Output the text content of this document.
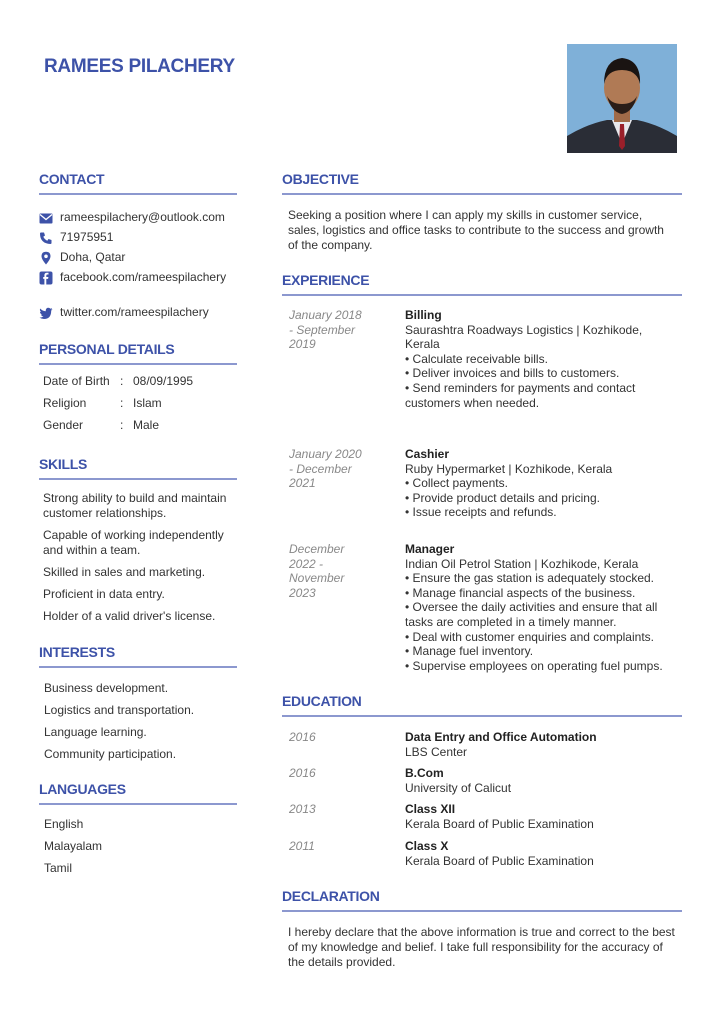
RAMEES PILACHERY
CONTACT
rameespilachery@outlook.com
71975951
Doha, Qatar
facebook.com/rameespilachery
twitter.com/rameespilachery
PERSONAL DETAILS
Date of Birth : 08/09/1995
Religion	: Islam
Gender	: Male
SKILLS
Strong ability to build and maintain customer relationships.
Capable of working independently and within a team.
Skilled in sales and marketing.
Proficient in data entry.
Holder of a valid driver's license.
INTERESTS
Business development.
Logistics and transportation.
Language learning.
Community participation.
LANGUAGES
English
Malayalam
Tamil
OBJECTIVE
Seeking a position where I can apply my skills in customer service, sales, logistics and office tasks to contribute to the success and growth of the company.
EXPERIENCE
January 2018 - September 2019
Billing
Saurashtra Roadways Logistics | Kozhikode, Kerala
• Calculate receivable bills.
• Deliver invoices and bills to customers.
• Send reminders for payments and contact customers when needed.
January 2020 - December 2021
Cashier
Ruby Hypermarket | Kozhikode, Kerala
• Collect payments.
• Provide product details and pricing.
• Issue receipts and refunds.
December 2022 - November 2023
Manager
Indian Oil Petrol Station | Kozhikode, Kerala
• Ensure the gas station is adequately stocked.
• Manage financial aspects of the business.
• Oversee the daily activities and ensure that all tasks are completed in a timely manner.
• Deal with customer enquiries and complaints.
• Manage fuel inventory.
• Supervise employees on operating fuel pumps.
EDUCATION
2016	Data Entry and Office Automation
LBS Center
2016	B.Com
University of Calicut
2013	Class XII
Kerala Board of Public Examination
2011	Class X
Kerala Board of Public Examination
DECLARATION
I hereby declare that the above information is true and correct to the best of my knowledge and belief. I take full responsibility for the accuracy of the details provided.
